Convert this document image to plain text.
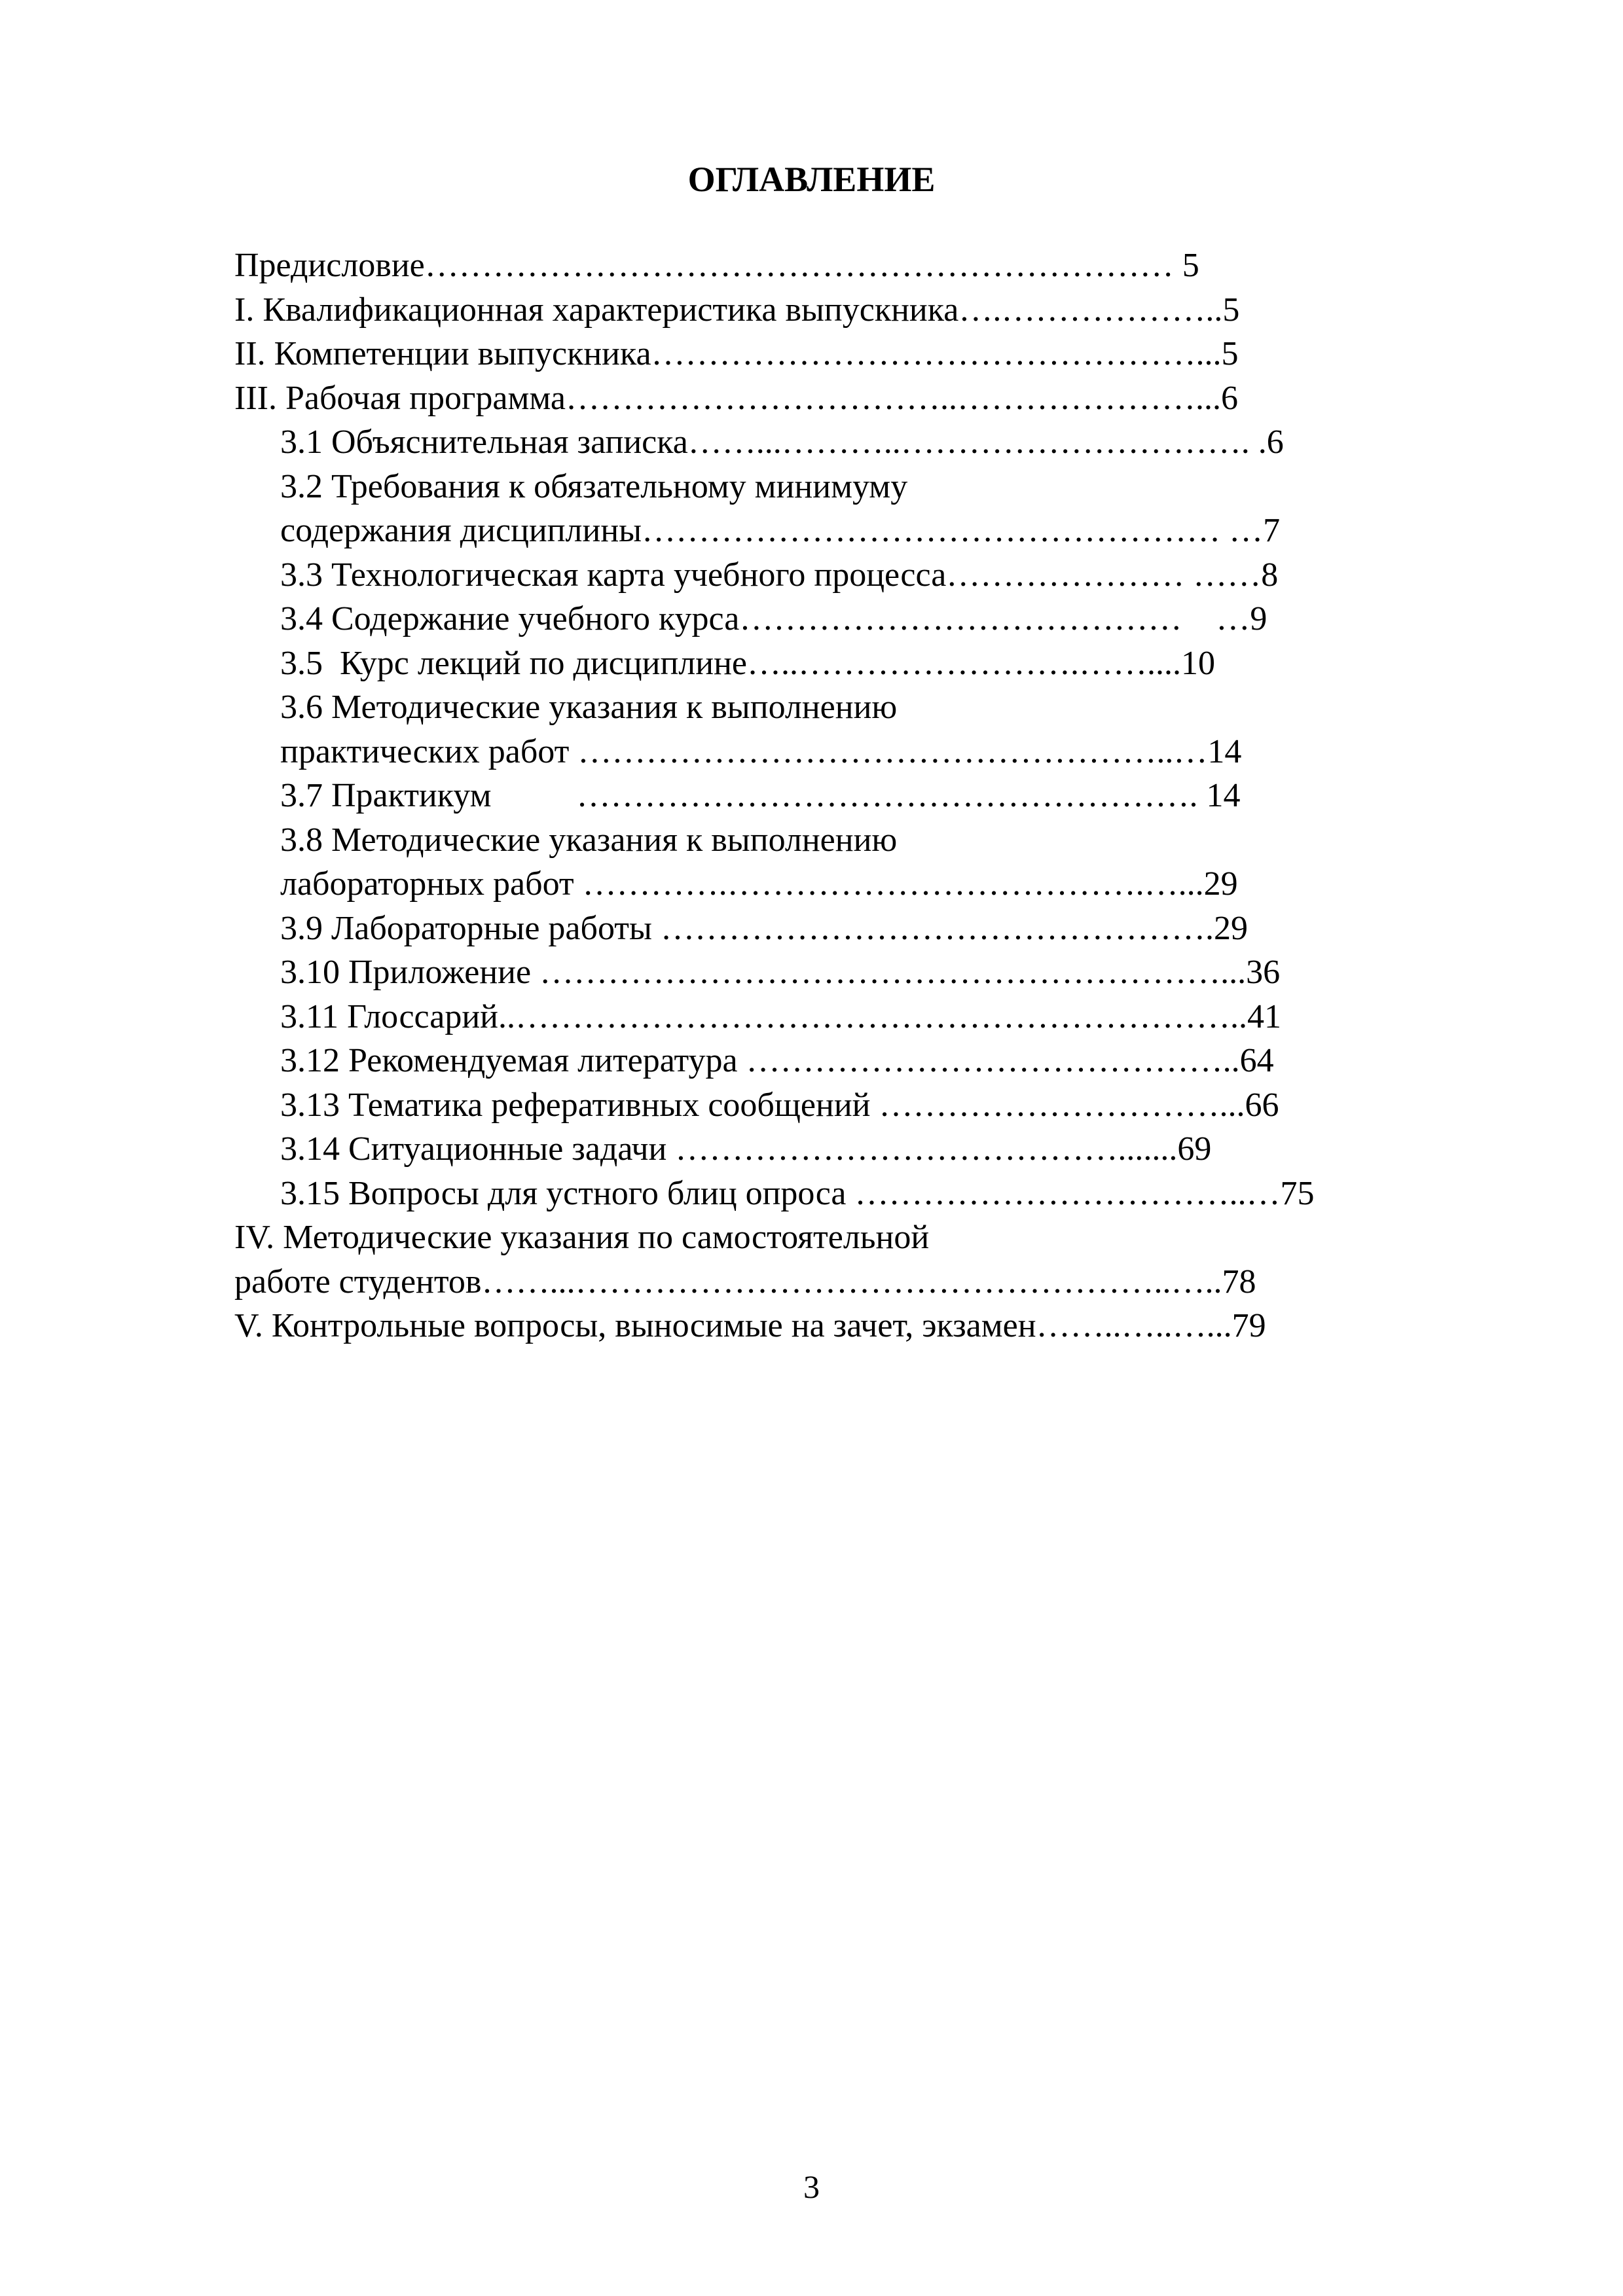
ОГЛАВЛЕНИЕ
Предисловие………………………………………………………… 5
I. Квалификационная характеристика выпускника….………………..5
II. Компетенции выпускника…………………………………………...5
III. Рабочая программа……………………………..…………………...6
3.1 Объяснительная записка……...………..…………………………. .6
3.2 Требования к обязательному минимуму
содержания дисциплины…………………………………………… …7
3.3 Технологическая карта учебного процесса………………… ……8
3.4 Содержание учебного курса…………………………………    …9
3.5  Курс лекций по дисциплине…..…………………….……....10
3.6 Методические указания к выполнению
практических работ ……………………………………………..…14
3.7 Практикум          ………………………………………………. 14
3.8 Методические указания к выполнению
лабораторных работ ………….……………………………….…...29
3.9 Лабораторные работы ………………………………………….29
3.10 Приложение ……………………………………………………...36
3.11 Глоссарий..………………………………………………………..41
3.12 Рекомендуемая литература ……………………………………..64
3.13 Тематика реферативных сообщений …………………………...66
3.14 Ситуационные задачи ………………………………….......69
3.15 Вопросы для устного блиц опроса ……………………………..…75
IV. Методические указания по самостоятельной
работе студентов……...……………………………………………..…..78
V. Контрольные вопросы, выносимые на зачет, экзамен……..…..…...79
3
